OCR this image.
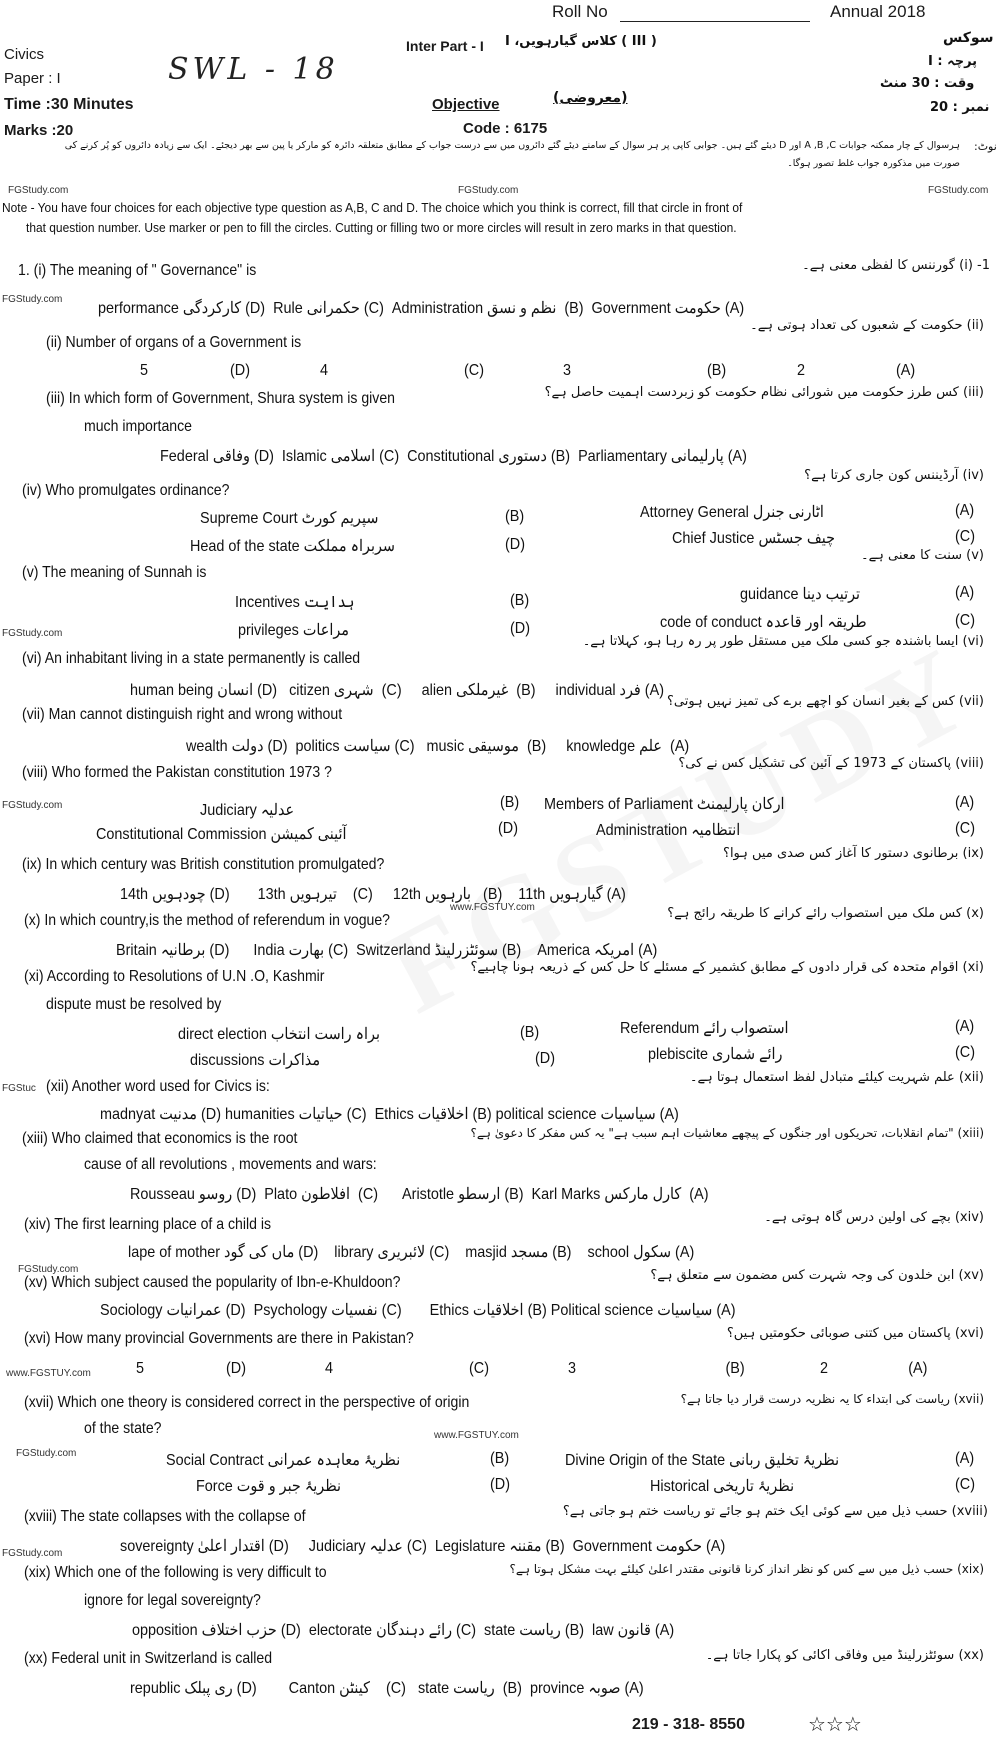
Roll No	Annual 2018
Civics
Paper : I
Time :30 Minutes
Marks :20
SWL - 18
Inter Part - I ( III ) کلاس گیارہویں، I
Objective	(معروضی)
Code : 6175
سوکس
پرچہ : I
وقت : 30 منٹ
نمبر : 20
نوٹ:
ہرسوال کے چار ممکنہ جوابات A ,B ,C اور D دیئے گئے ہیں۔ جوابی کاپی پر ہر سوال کے سامنے دیئے گئے دائروں میں سے درست جواب کے مطابق متعلقہ دائرہ کو مارکر یا پین سے بھر دیجئے۔ ایک سے زیادہ دائروں کو پُر کرنے کی
صورت میں مذکورہ جواب غلط تصور ہوگا۔
FGStudy.com	FGStudy.com	FGStudy.com
Note - You have four choices for each objective type question as A,B, C and D. The choice which you think is correct, fill that circle in front of
that question number. Use marker or pen to fill the circles. Cutting or filling two or more circles will result in zero marks in that question.
1. (i) The meaning of " Governance" is	1- (i) گورننس کا لفظی معنی ہے۔
FGStudy.com
performance کارکردگی (D)  Rule حکمرانی (C)  Administration نظم و نسق  (B)  Government حکومت (A)
(ii) Number of organs of a Government is
(ii) حکومت کے شعبوں کی تعداد ہوتی ہے۔
5	(D)	4	(C)	3	(B)	2	(A)
(iii) In which form of Government, Shura system is given
much importance
(iii) کس طرز حکومت میں شورائی نظام حکومت کو زبردست اہمیت حاصل ہے؟
Federal وفاقی (D)  Islamic اسلامی (C)  Constitutional دستوری (B)  Parliamentary پارلیمانی (A)
(iv) Who promulgates ordinance?
(iv) آرڈیننس کون جاری کرتا ہے؟
Supreme Court سپریم کورٹ	(B)	Attorney General اٹارنی جنرل	(A)
Head of the state سربراہ مملکت	(D)	Chief Justice چیف جسٹس	(C)
(v) The meaning of Sunnah is
(v) سنت کا معنی ہے۔
Incentives ہدایت	(B)	guidance ترتیب دینا	(A)
FGStudy.com	privileges مراعات	(D)	code of conduct طریقہ اور قاعدہ	(C)
(vi) An inhabitant living in a state permanently is called
(vi) ایسا باشندہ جو کسی ملک میں مستقل طور پر رہ رہا ہو، کہلاتا ہے۔
human being انسان (D)   citizen شہری  (C)     alien غیرملکی  (B)     individual فرد (A)
(vii) Man cannot distinguish right and wrong without
(vii) کس کے بغیر انسان کو اچھے برے کی تمیز نہیں ہوتی؟
wealth دولت (D)  politics سیاست (C)   music موسیقی  (B)     knowledge علم  (A)
(viii) Who formed the Pakistan constitution 1973 ?
(viii) پاکستان کے 1973 کے آئین کی تشکیل کس نے کی؟
FGStudy.com	Judiciary عدلیہ	(B) Members of Parliament ارکان پارلیمنٹ	(A)
Constitutional Commission آئینی کمیشن	(D)	Administration انتظامیہ	(C)
(ix) In which century was British constitution promulgated?
(ix) برطانوی دستور کا آغاز کس صدی میں ہوا؟
14th چودہویں (D)       13th تیرہویں    (C)     12th بارہویں   (B)    11th گیارہویں (A)
www.FGSTUY.com
(x) In which country,is the method of referendum in vogue?	(x) کس ملک میں استصواب رائے کرانے کا طریقہ رائج ہے؟
Britain برطانیہ (D)      India بھارت (C)  Switzerland سوئٹزرلینڈ (B)    America امریکہ (A)
(xi) According to Resolutions of U.N .O, Kashmir
dispute must be resolved by
(xi) اقوام متحدہ کی قرار دادوں کے مطابق کشمیر کے مسئلے کا حل کس کے ذریعہ ہونا چاہیے؟
direct election براہ راست انتخاب	(B)	Referendum استصواب رائے	(A)
discussions مذاکرات	(D)	plebiscite رائے شماری	(C)
FGStuc (xii) Another word used for Civics is:
(xii) علم شہریت کیلئے متبادل لفظ استعمال ہوتا ہے۔
madnyat مدنیت (D) humanities حیاتیات (C)  Ethics اخلاقیات (B) political science سیاسیات (A)
(xiii) Who claimed that economics is the root
cause of all revolutions , movements and wars:
(xiii) "تمام انقلابات، تحریکوں اور جنگوں کے پیچھے معاشیات اہم سبب ہے" یہ کس مفکر کا دعویٰ ہے؟
Rousseau روسو (D)  Plato افلاطون  (C)      Aristotle ارسطو (B)  Karl Marks کارل مارکس  (A)
(xiv) The first learning place of a child is	(xiv) بچے کی اولین درس گاہ ہوتی ہے۔
lape of mother ماں کی گود (D)    library لائبریری (C)    masjid مسجد (B)    school سکول (A)
FGStudy.com
(xv) Which subject caused the popularity of Ibn-e-Khuldoon?	(xv) ابن خلدون کی وجہ شہرت کس مضمون سے متعلق ہے؟
Sociology عمرانیات (D)  Psychology نفسیات (C)       Ethics اخلاقیات (B) Political science سیاسیات (A)
(xvi) How many provincial Governments are there in Pakistan?	(xvi) پاکستان میں کتنی صوبائی حکومتیں ہیں؟
www.FGSTUY.com	5	(D)	4	(C)	3	(B)	2	(A)
(xvii) Which one theory is considered correct in the perspective of origin
of the state?	www.FGSTUY.com
(xvii) ریاست کی ابتداء کا یہ نظریہ درست قرار دیا جاتا ہے؟
FGStudy.com	Social Contract نظریۂ معاہدہ عمرانی	(B)	Divine Origin of the State نظریۂ تخلیق ربانی	(A)
Force نظریۂ جبر و قوت	(D)	Historical نظریۂ تاریخی	(C)
(xviii) The state collapses with the collapse of	(xviii) حسب ذیل میں سے کوئی ایک ختم ہو جائے تو ریاست ختم ہو جاتی ہے؟
FGStudy.com	sovereignty اقتدار اعلیٰ (D)     Judiciary عدلیہ (C)  Legislature مقننہ (B)  Government حکومت (A)
(xix) Which one of the following is very difficult to
ignore for legal sovereignty?
(xix) حسب ذیل میں سے کس کو نظر انداز کرنا قانونی مقتدر اعلیٰ کیلئے بہت مشکل ہوتا ہے؟
opposition حزب اختلاف (D)  electorate رائے دہندگان (C)  state ریاست (B)  law قانون (A)
(xx) Federal unit in Switzerland is called	(xx) سوئٹزرلینڈ میں وفاقی اکائی کو پکارا جاتا ہے۔
republic ری پبلک (D)        Canton کینٹن    (C)   state ریاست  (B)  province صوبہ (A)
219 - 318- 8550	☆☆☆
